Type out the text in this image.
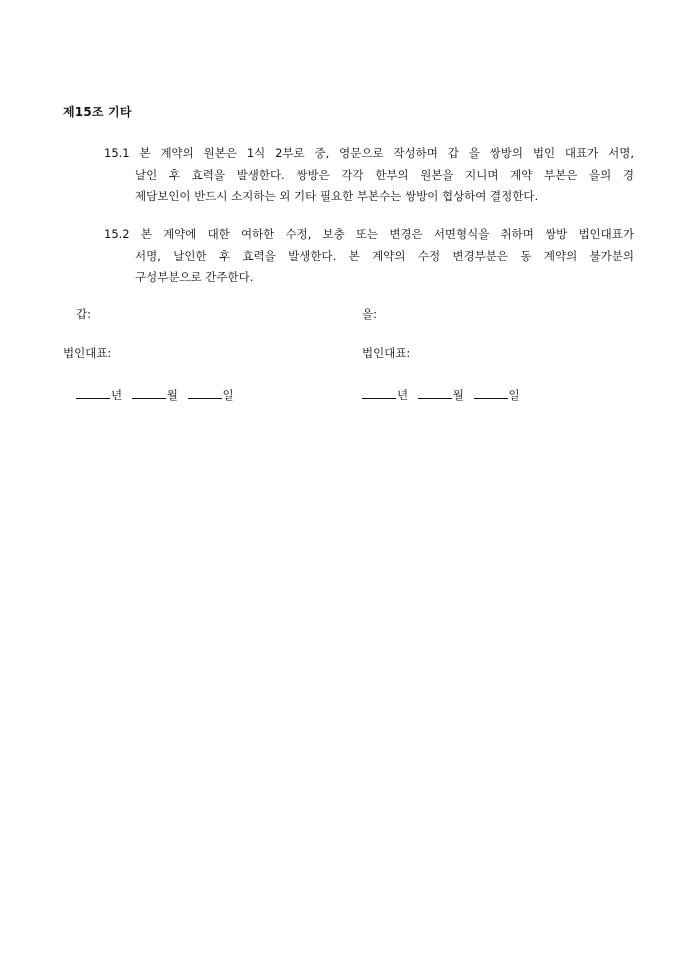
제15조 기타
15.1 본 계약의 원본은 1식 2부로 중, 영문으로 작성하며 갑 을 쌍방의 법인 대표가 서명,
날인 후 효력을 발생한다. 쌍방은 각각 한부의 원본을 지니며 계약 부본은 을의 경
제담보인이 반드시 소지하는 외 기타 필요한 부본수는 쌍방이 협상하여 결정한다.
15.2 본 계약에 대한 여하한 수정, 보충 또는 변경은 서면형식을 취하며 쌍방 법인대표가
서명, 날인한 후 효력을 발생한다. 본 계약의 수정 변경부분은 동 계약의 불가분의
구성부분으로 간주한다.
갑:	을:
법인대표:	법인대표:
년	월	일	년	월	일
